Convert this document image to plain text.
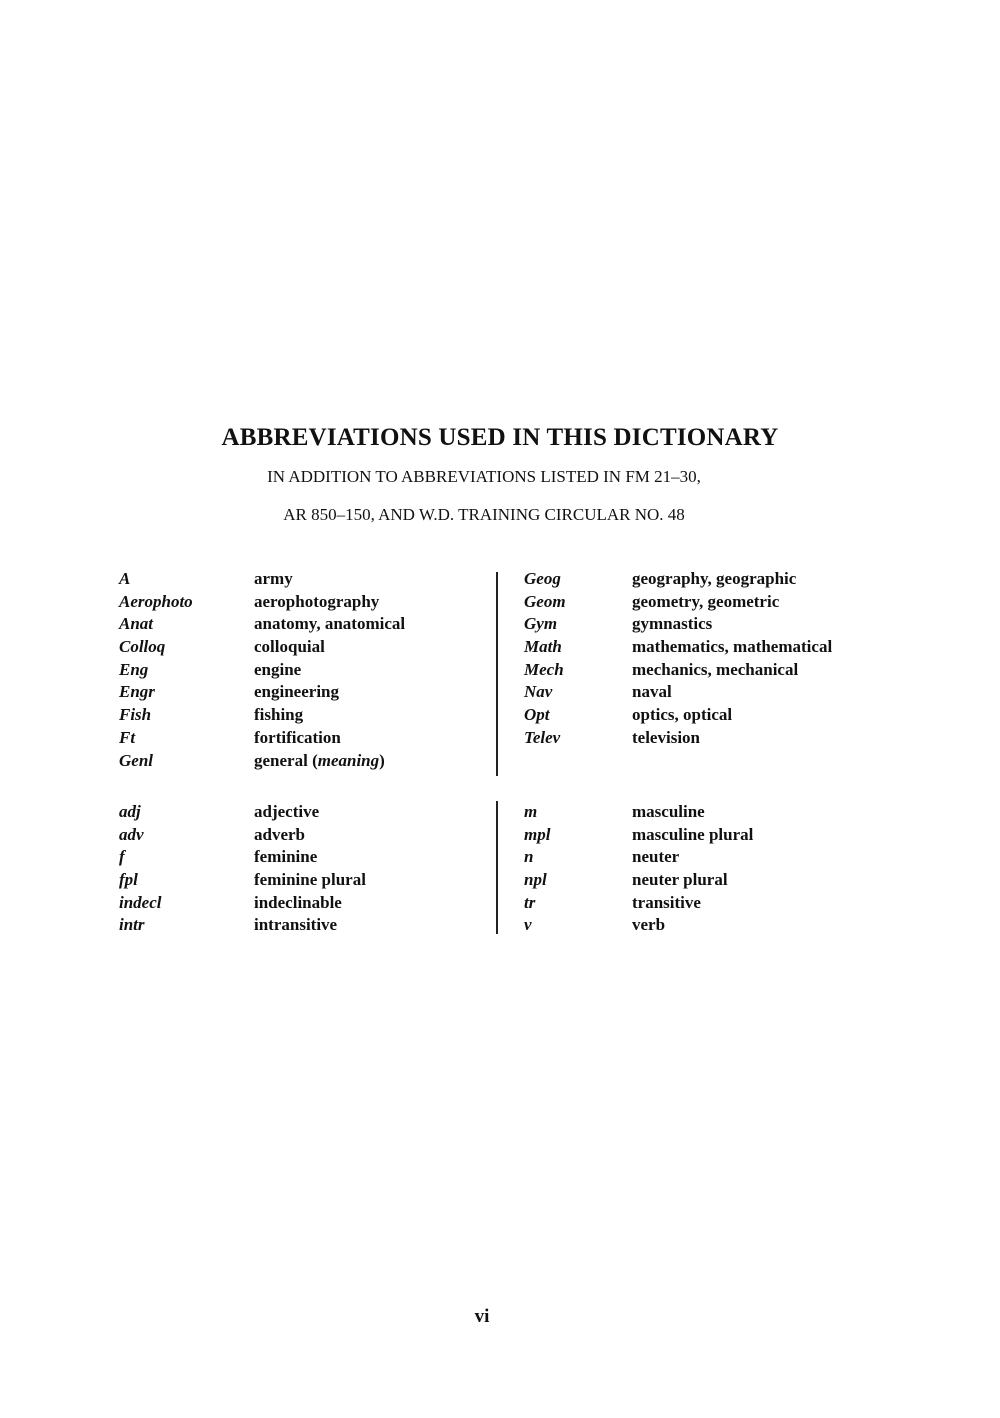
ABBREVIATIONS USED IN THIS DICTIONARY
IN ADDITION TO ABBREVIATIONS LISTED IN FM 21–30,
AR 850–150, AND W.D. TRAINING CIRCULAR NO. 48
A
Aerophoto
Anat
Colloq
Eng
Engr
Fish
Ft
Genl
army
aerophotography
anatomy, anatomical
colloquial
engine
engineering
fishing
fortification
general (meaning)
Geog
Geom
Gym
Math
Mech
Nav
Opt
Telev
geography, geographic
geometry, geometric
gymnastics
mathematics, mathematical
mechanics, mechanical
naval
optics, optical
television
adj
adv
f
fpl
indecl
intr
adjective
adverb
feminine
feminine plural
indeclinable
intransitive
m
mpl
n
npl
tr
v
masculine
masculine plural
neuter
neuter plural
transitive
verb
vi
